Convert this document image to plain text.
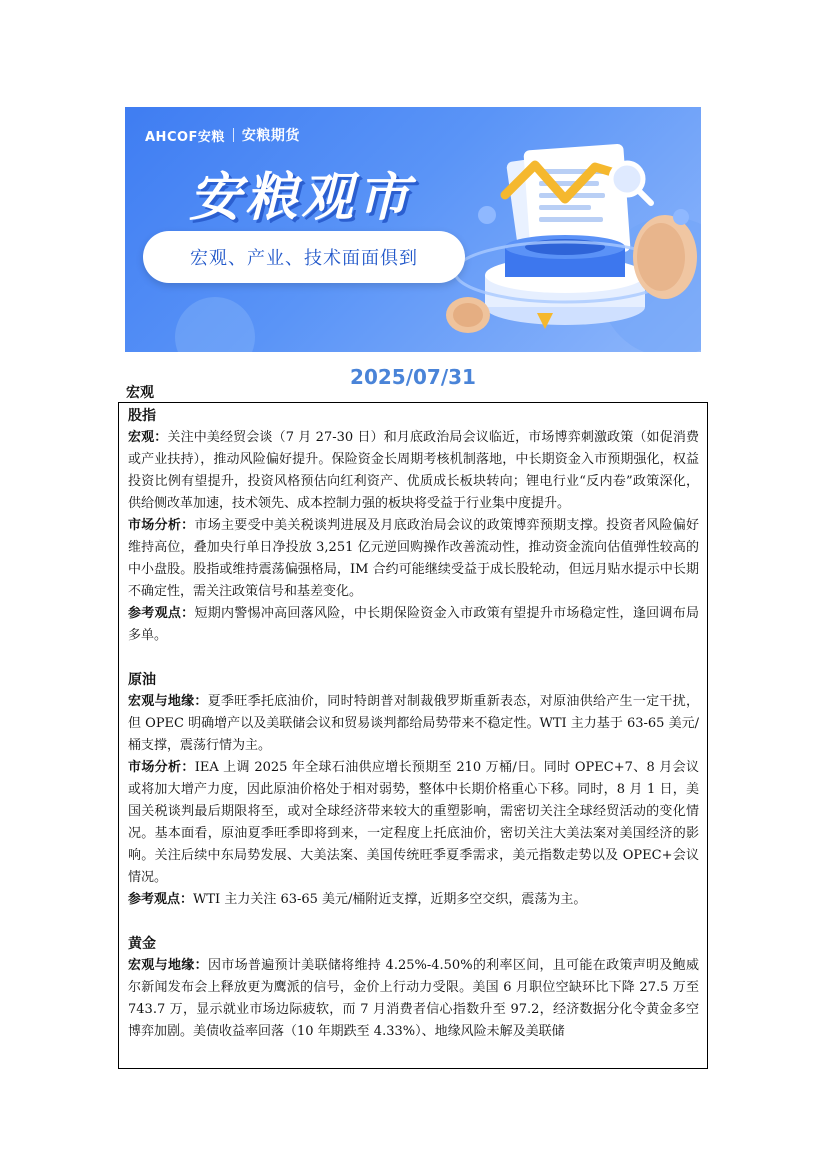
AHCOF安粮 安粮期货
安粮观市
宏观、产业、技术面面俱到
2025/07/31
宏观
股指

宏观：关注中美经贸会谈（7 月 27-30 日）和月底政治局会议临近，市场博弈刺激政策（如促消费或产业扶持），推动风险偏好提升。保险资金长周期考核机制落地，中长期资金入市预期强化，权益投资比例有望提升，投资风格预估向红利资产、优质成长板块转向；锂电行业“反内卷”政策深化，供给侧改革加速，技术领先、成本控制力强的板块将受益于行业集中度提升。

市场分析：市场主要受中美关税谈判进展及月底政治局会议的政策博弈预期支撑。投资者风险偏好维持高位，叠加央行单日净投放 3,251 亿元逆回购操作改善流动性，推动资金流向估值弹性较高的中小盘股。股指或维持震荡偏强格局，IM 合约可能继续受益于成长股轮动，但远月贴水提示中长期不确定性，需关注政策信号和基差变化。

参考观点：短期内警惕冲高回落风险，中长期保险资金入市政策有望提升市场稳定性，逢回调布局多单。

原油

宏观与地缘：夏季旺季托底油价，同时特朗普对制裁俄罗斯重新表态，对原油供给产生一定干扰，但 OPEC 明确增产以及美联储会议和贸易谈判都给局势带来不稳定性。WTI 主力基于 63-65 美元/桶支撑，震荡行情为主。

市场分析：IEA 上调 2025 年全球石油供应增长预期至 210 万桶/日。同时 OPEC+7、8 月会议或将加大增产力度，因此原油价格处于相对弱势，整体中长期价格重心下移。同时，8 月 1 日，美国关税谈判最后期限将至，或对全球经济带来较大的重塑影响，需密切关注全球经贸活动的变化情况。基本面看，原油夏季旺季即将到来，一定程度上托底油价，密切关注大美法案对美国经济的影响。关注后续中东局势发展、大美法案、美国传统旺季夏季需求，美元指数走势以及 OPEC+会议情况。

参考观点：WTI 主力关注 63-65 美元/桶附近支撑，近期多空交织，震荡为主。

黄金

宏观与地缘：因市场普遍预计美联储将维持 4.25%-4.50%的利率区间，且可能在政策声明及鲍威尔新闻发布会上释放更为鹰派的信号，金价上行动力受限。美国 6 月职位空缺环比下降 27.5 万至 743.7 万，显示就业市场边际疲软，而 7 月消费者信心指数升至 97.2，经济数据分化令黄金多空博弈加剧。美债收益率回落（10 年期跌至 4.33%）、地缘风险未解及美联储
